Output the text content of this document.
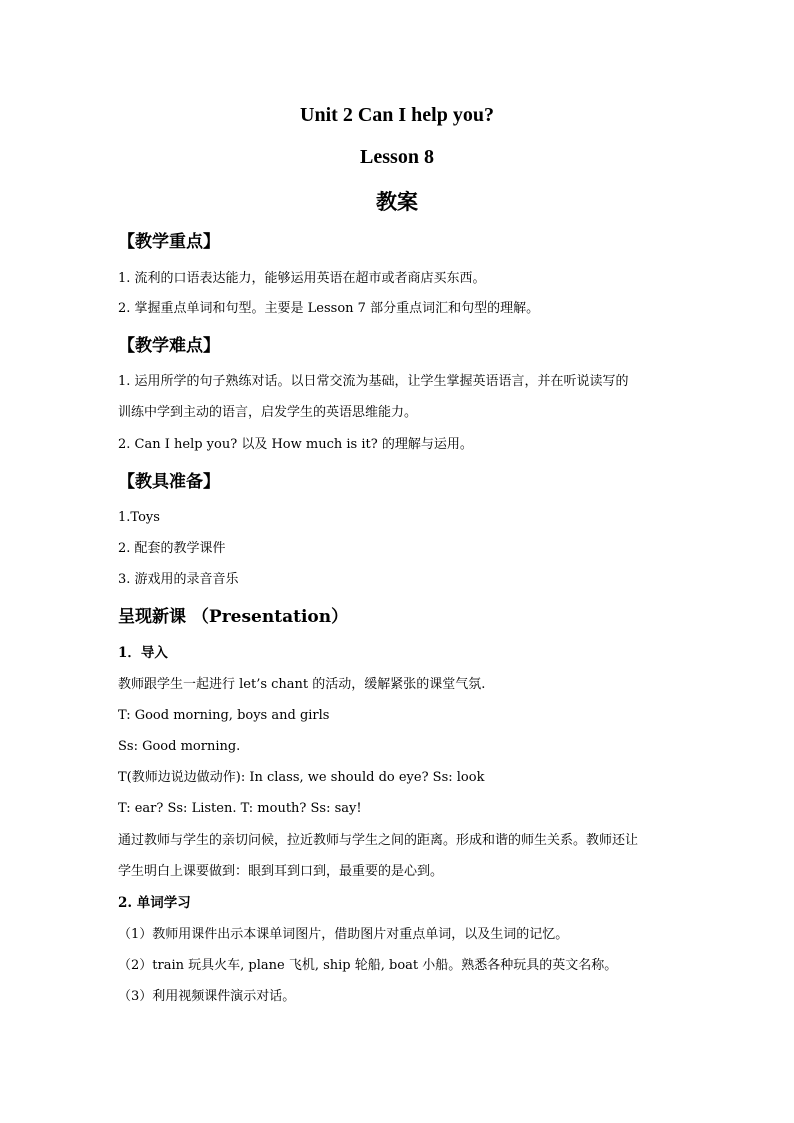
Unit 2 Can I help you?
Lesson 8
教案
【教学重点】
1. 流利的口语表达能力，能够运用英语在超市或者商店买东西。
2. 掌握重点单词和句型。主要是 Lesson 7 部分重点词汇和句型的理解。
【教学难点】
1. 运用所学的句子熟练对话。以日常交流为基础，让学生掌握英语语言，并在听说读写的
训练中学到主动的语言，启发学生的英语思维能力。
2. Can I help you? 以及 How much is it? 的理解与运用。
【教具准备】
1.Toys
2. 配套的教学课件
3. 游戏用的录音音乐
呈现新课 （Presentation）
1．导入
教师跟学生一起进行 let’s chant 的活动，缓解紧张的课堂气氛.
T: Good morning, boys and girls
Ss: Good morning.
T(教师边说边做动作): In class, we should do eye? Ss: look
T: ear? Ss: Listen. T: mouth? Ss: say!
通过教师与学生的亲切问候，拉近教师与学生之间的距离。形成和谐的师生关系。教师还让
学生明白上课要做到：眼到耳到口到，最重要的是心到。
2. 单词学习
（1）教师用课件出示本课单词图片，借助图片对重点单词，以及生词的记忆。
（2）train 玩具火车, plane 飞机, ship 轮船, boat 小船。熟悉各种玩具的英文名称。
（3）利用视频课件演示对话。
